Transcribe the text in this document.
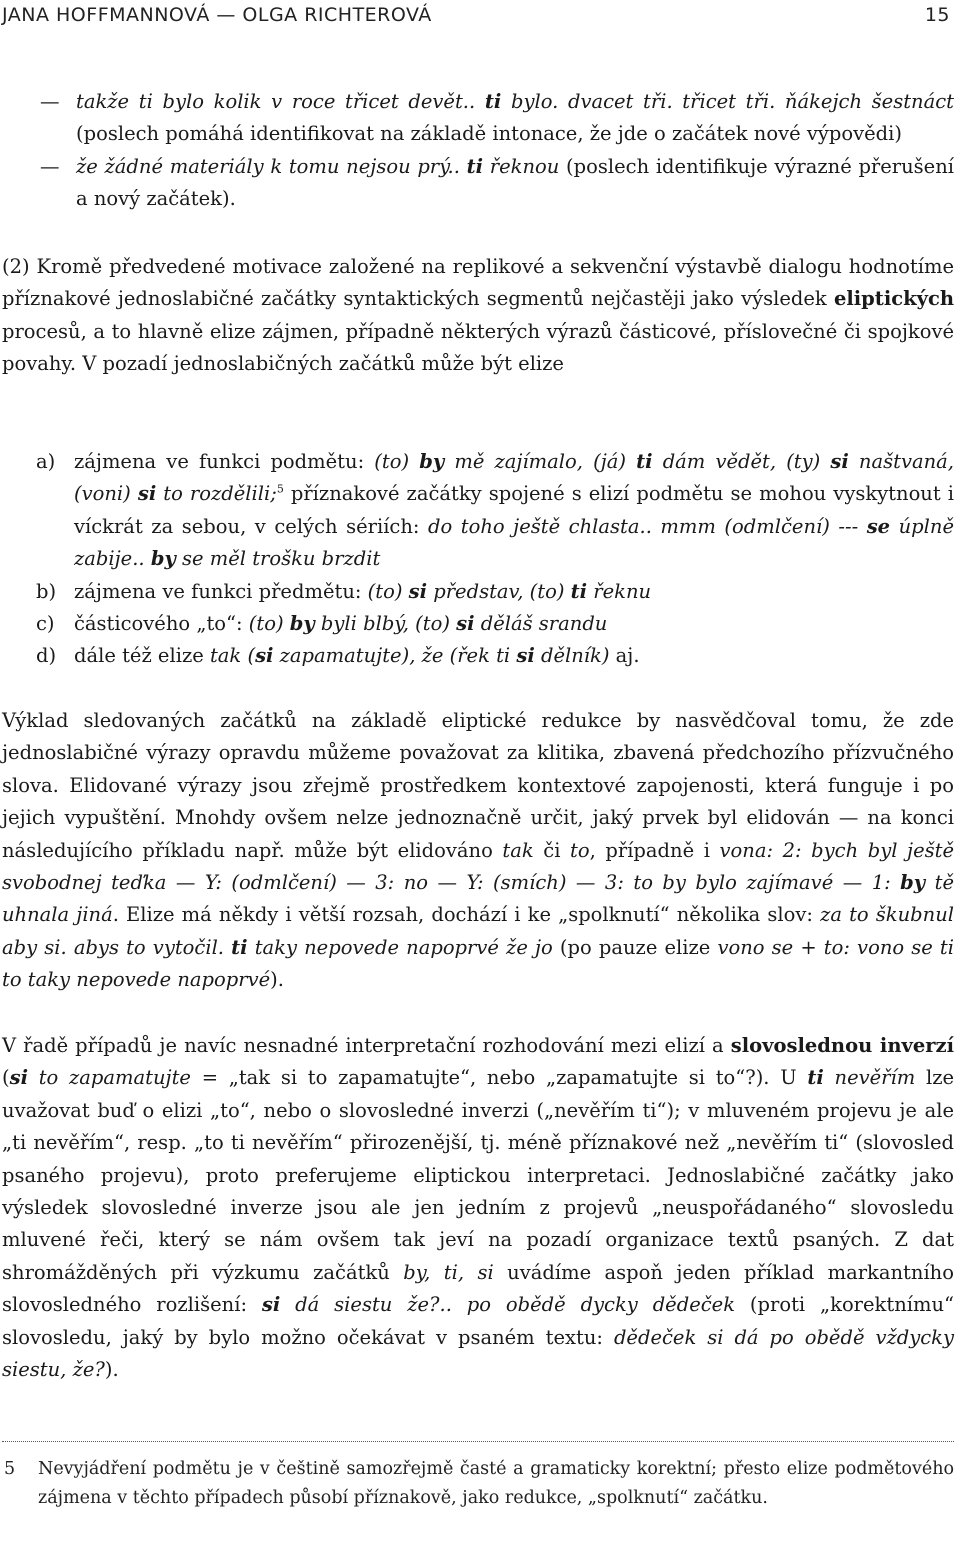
JANA HOFFMANNOVÁ — OLGA RICHTEROVÁ	15
—
takže ti bylo kolik v roce třicet devět.. ti bylo. dvacet tři. třicet tři. ňákejch šestnáct (poslech pomáhá identifikovat na základě intonace, že jde o začátek nové výpovědi)
—
že žádné materiály k tomu nejsou prý.. ti řeknou (poslech identifikuje výrazné přerušení a nový začátek).

(2) Kromě předvedené motivace založené na replikové a sekvenční výstavbě dialogu hodnotíme příznakové jednoslabičné začátky syntaktických segmentů nejčastěji jako výsledek eliptických procesů, a to hlavně elize zájmen, případně některých výrazů částicové, příslovečné či spojkové povahy. V pozadí jednoslabičných začátků může být elize

a) zájmena ve funkci podmětu: (to) by mě zajímalo, (já) ti dám vědět, (ty) si naštvaná, (voni) si to rozdělili;$^5$ příznakové začátky spojené s elizí podmětu se mohou vyskytnout i víckrát za sebou, v celých sériích: do toho ještě chlasta.. mmm (odmlčení) --- se úplně zabije.. by se měl trošku brzdit
b) zájmena ve funkci předmětu: (to) si představ, (to) ti řeknu
c) částicového „to“: (to) by byli blbý, (to) si děláš srandu
d) dále též elize tak (si zapamatujte), že (řek ti si dělník) aj.

Výklad sledovaných začátků na základě eliptické redukce by nasvědčoval tomu, že zde jednoslabičné výrazy opravdu můžeme považovat za klitika, zbavená předchozího přízvučného slova. Elidované výrazy jsou zřejmě prostředkem kontextové zapojenosti, která funguje i po jejich vypuštění. Mnohdy ovšem nelze jednoznačně určit, jaký prvek byl elidován — na konci následujícího příkladu např. může být elidováno tak či to, případně i vona: 2: bych byl ještě svobodnej teďka — Y: (odmlčení) — 3: no — Y: (smích) — 3: to by bylo zajímavé — 1: by tě uhnala jiná. Elize má někdy i větší rozsah, dochází i ke „spolknutí“ několika slov: za to škubnul aby si. abys to vytočil. ti taky nepovede napoprvé že jo (po pauze elize vono se + to: vono se ti to taky nepovede napoprvé).

V řadě případů je navíc nesnadné interpretační rozhodování mezi elizí a slovoslednou inverzí (si to zapamatujte = „tak si to zapamatujte“, nebo „zapamatujte si to“?). U ti nevěřím lze uvažovat buď o elizi „to“, nebo o slovosledné inverzi („nevěřím ti“); v mluveném projevu je ale „ti nevěřím“, resp. „to ti nevěřím“ přirozenější, tj. méně příznakové než „nevěřím ti“ (slovosled psaného projevu), proto preferujeme eliptickou interpretaci. Jednoslabičné začátky jako výsledek slovosledné inverze jsou ale jen jedním z projevů „neuspořádaného“ slovosledu mluvené řeči, který se nám ovšem tak jeví na pozadí organizace textů psaných. Z dat shromážděných při výzkumu začátků by, ti, si uvádíme aspoň jeden příklad markantního slovosledného rozlišení: si dá siestu že?.. po obědě dycky dědeček (proti „korektnímu“ slovosledu, jaký by bylo možno očekávat v psaném textu: dědeček si dá po obědě vždycky siestu, že?).

5	Nevyjádření podmětu je v češtině samozřejmě časté a gramaticky korektní; přesto elize podmětového zájmena v těchto případech působí příznakově, jako redukce, „spolknutí“ začátku.
